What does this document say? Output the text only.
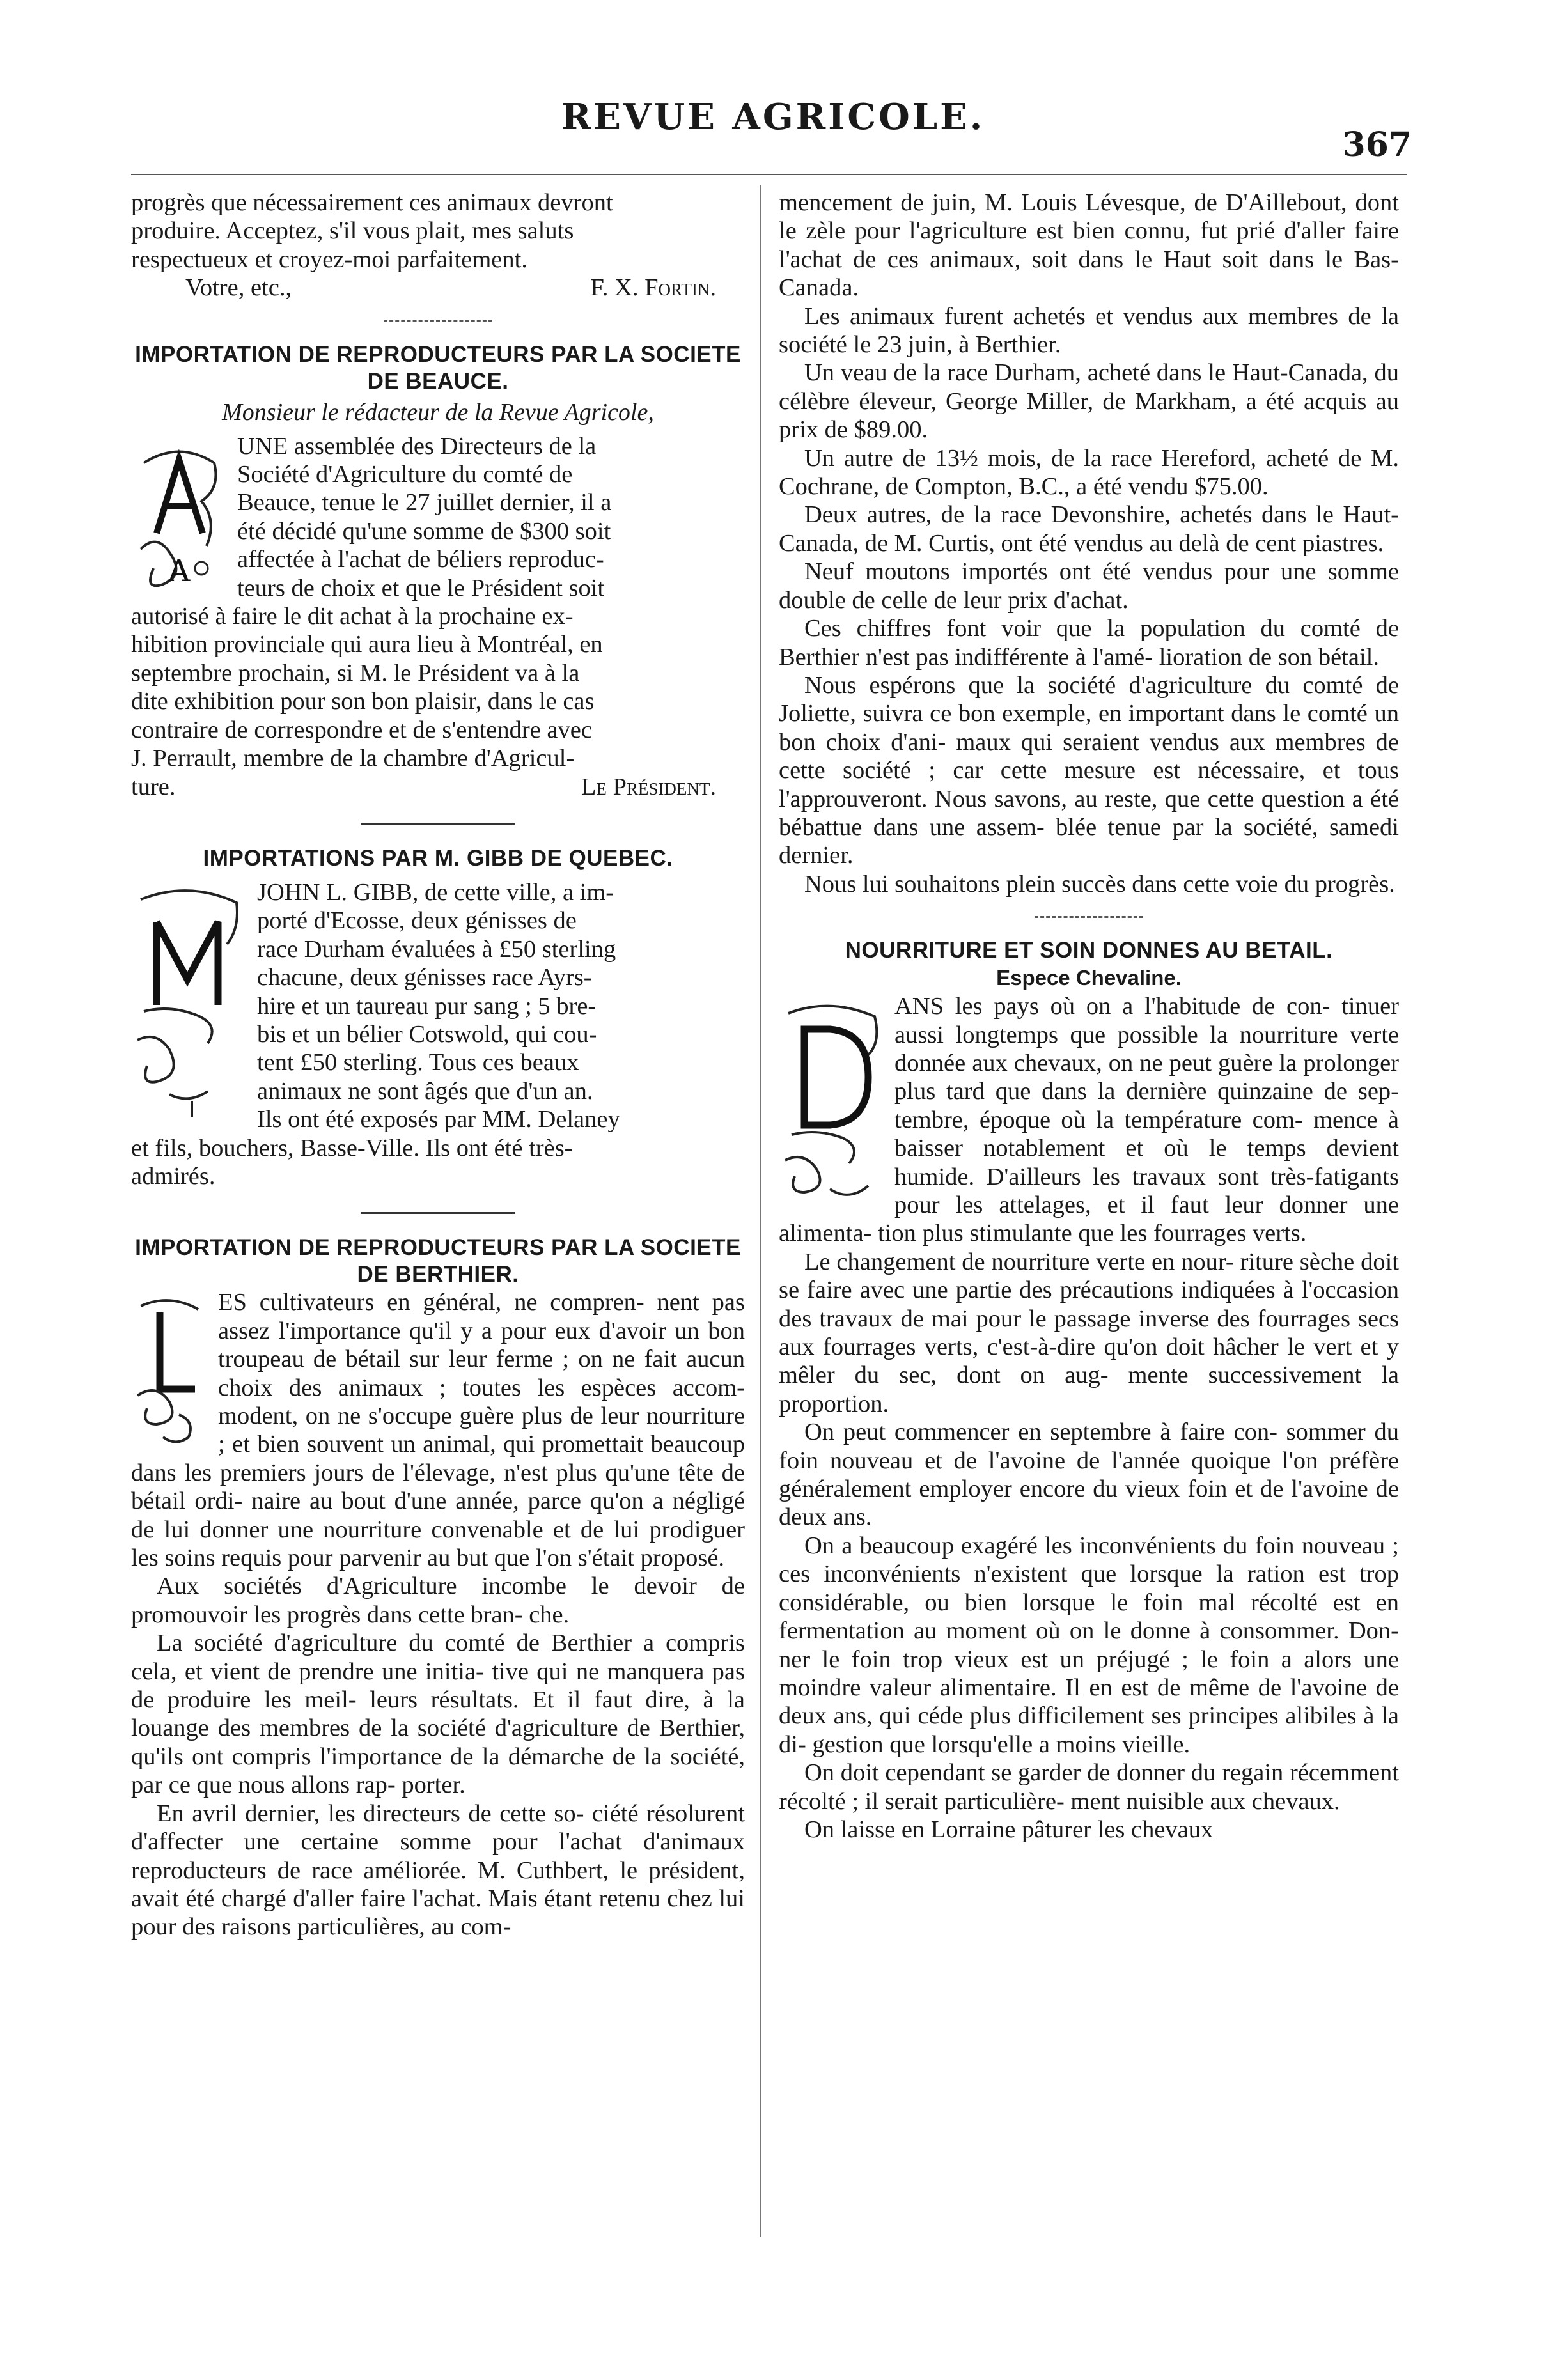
REVUE AGRICOLE.
367

progrès que nécessairement ces animaux devront

produire. Acceptez, s'il vous plait, mes saluts

respectueux et croyez-moi parfaitement.

Votre, etc.,	F. X. Fortin.
IMPORTATION DE REPRODUCTEURS PAR LA SOCIETE DE BEAUCE.
Monsieur le rédacteur de la Revue Agricole,
A

UNE assemblée des Directeurs de la

Société d'Agriculture du comté de

Beauce, tenue le 27 juillet dernier, il a

été décidé qu'une somme de $300 soit

affectée à l'achat de béliers reproduc-

teurs de choix et que le Président soit

autorisé à faire le dit achat à la prochaine ex-

hibition provinciale qui aura lieu à Montréal, en

septembre prochain, si M. le Président va à la

dite exhibition pour son bon plaisir, dans le cas

contraire de correspondre et de s'entendre avec

J. Perrault, membre de la chambre d'Agricul-

ture.	Le Président.
IMPORTATIONS PAR M. GIBB DE QUEBEC.
M

JOHN L. GIBB, de cette ville, a im-

porté d'Ecosse, deux génisses de

race Durham évaluées à £50 sterling

chacune, deux génisses race Ayrs-

hire et un taureau pur sang ; 5 bre-

bis et un bélier Cotswold, qui cou-

tent £50 sterling. Tous ces beaux

animaux ne sont âgés que d'un an.

Ils ont été exposés par MM. Delaney

et fils, bouchers, Basse-Ville. Ils ont été très-

admirés.

IMPORTATION DE REPRODUCTEURS PAR LA SOCIETE DE BERTHIER.
L

ES cultivateurs en général, ne compren- nent pas assez l'importance qu'il y a pour eux d'avoir un bon troupeau de bétail sur leur ferme ; on ne fait aucun choix des animaux ; toutes les espèces accom- modent, on ne s'occupe guère plus de leur nourriture ; et bien souvent un animal, qui promettait beaucoup dans les premiers jours de l'élevage, n'est plus qu'une tête de bétail ordi- naire au bout d'une année, parce qu'on a négligé de lui donner une nourriture convenable et de lui prodiguer les soins requis pour parvenir au but que l'on s'était proposé.

Aux sociétés d'Agriculture incombe le devoir de promouvoir les progrès dans cette bran- che.

La société d'agriculture du comté de Berthier a compris cela, et vient de prendre une initia- tive qui ne manquera pas de produire les meil- leurs résultats. Et il faut dire, à la louange des membres de la société d'agriculture de Berthier, qu'ils ont compris l'importance de la démarche de la société, par ce que nous allons rap- porter.

En avril dernier, les directeurs de cette so- ciété résolurent d'affecter une certaine somme pour l'achat d'animaux reproducteurs de race améliorée. M. Cuthbert, le président, avait été chargé d'aller faire l'achat. Mais étant retenu chez lui pour des raisons particulières, au com-

mencement de juin, M. Louis Lévesque, de D'Aillebout, dont le zèle pour l'agriculture est bien connu, fut prié d'aller faire l'achat de ces animaux, soit dans le Haut soit dans le Bas-Canada.

Les animaux furent achetés et vendus aux membres de la société le 23 juin, à Berthier.

Un veau de la race Durham, acheté dans le Haut-Canada, du célèbre éleveur, George Miller, de Markham, a été acquis au prix de $89.00.

Un autre de 13½ mois, de la race Hereford, acheté de M. Cochrane, de Compton, B.C., a été vendu $75.00.

Deux autres, de la race Devonshire, achetés dans le Haut-Canada, de M. Curtis, ont été vendus au delà de cent piastres.

Neuf moutons importés ont été vendus pour une somme double de celle de leur prix d'achat.

Ces chiffres font voir que la population du comté de Berthier n'est pas indifférente à l'amé- lioration de son bétail.

Nous espérons que la société d'agriculture du comté de Joliette, suivra ce bon exemple, en important dans le comté un bon choix d'ani- maux qui seraient vendus aux membres de cette société ; car cette mesure est nécessaire, et tous l'approuveront. Nous savons, au reste, que cette question a été bébattue dans une assem- blée tenue par la société, samedi dernier.

Nous lui souhaitons plein succès dans cette voie du progrès.

NOURRITURE ET SOIN DONNES AU BETAIL.
Espece Chevaline.
D

ANS les pays où on a l'habitude de con- tinuer aussi longtemps que possible la nourriture verte donnée aux chevaux, on ne peut guère la prolonger plus tard que dans la dernière quinzaine de sep- tembre, époque où la température com- mence à baisser notablement et où le temps devient humide. D'ailleurs les travaux sont très-fatigants pour les attelages, et il faut leur donner une alimenta- tion plus stimulante que les fourrages verts.

Le changement de nourriture verte en nour- riture sèche doit se faire avec une partie des précautions indiquées à l'occasion des travaux de mai pour le passage inverse des fourrages secs aux fourrages verts, c'est-à-dire qu'on doit hâcher le vert et y mêler du sec, dont on aug- mente successivement la proportion.

On peut commencer en septembre à faire con- sommer du foin nouveau et de l'avoine de l'année quoique l'on préfère généralement employer encore du vieux foin et de l'avoine de deux ans.

On a beaucoup exagéré les inconvénients du foin nouveau ; ces inconvénients n'existent que lorsque la ration est trop considérable, ou bien lorsque le foin mal récolté est en fermentation au moment où on le donne à consommer. Don- ner le foin trop vieux est un préjugé ; le foin a alors une moindre valeur alimentaire. Il en est de même de l'avoine de deux ans, qui céde plus difficilement ses principes alibiles à la di- gestion que lorsqu'elle a moins vieille.

On doit cependant se garder de donner du regain récemment récolté ; il serait particulière- ment nuisible aux chevaux.

On laisse en Lorraine pâturer les chevaux
